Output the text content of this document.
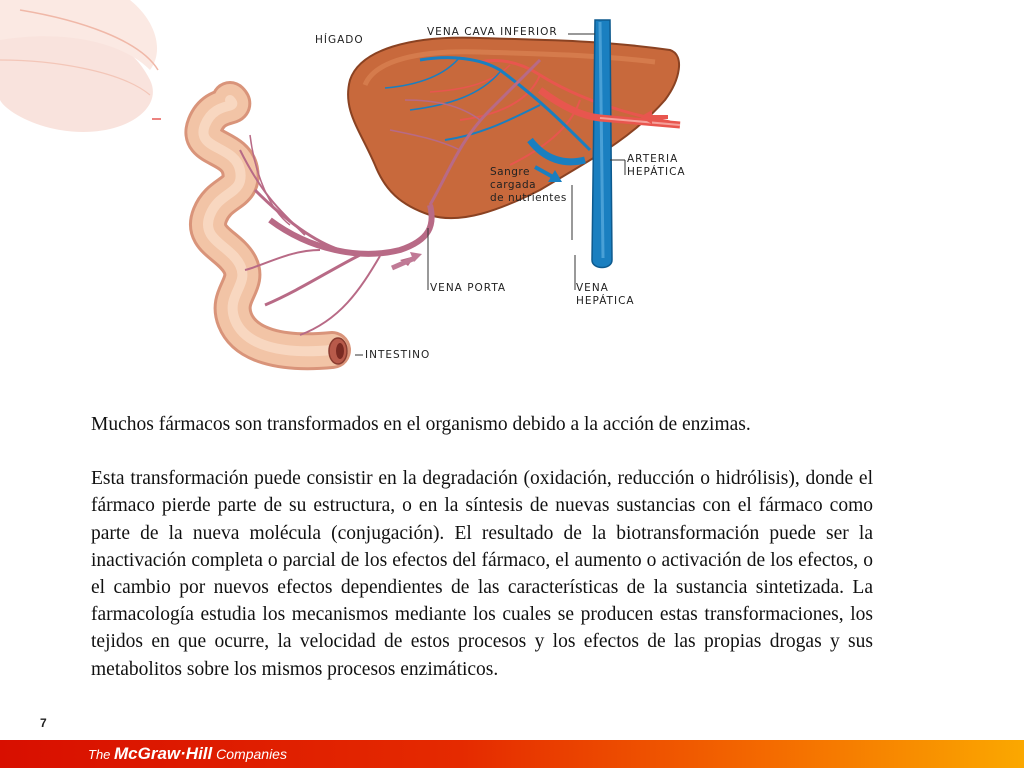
HÍGADO
VENA CAVA INFERIOR
ARTERIA
HEPÁTICA
Sangre
cargada
de nutrientes
VENA PORTA	VENA
HEPÁTICA
INTESTINO

Muchos fármacos son transformados en el organismo debido a la acción de enzimas.

Esta transformación puede consistir en la degradación (oxidación, reducción o hidrólisis), donde el fármaco pierde parte de su estructura, o en la síntesis de nuevas sustancias con el fármaco como parte de la nueva molécula (conjugación). El resultado de la biotransformación puede ser la inactivación completa o parcial de los efectos del fármaco, el aumento o activación de los efectos, o el cambio por nuevos efectos dependientes de las características de la sustancia sintetizada. La farmacología estudia los mecanismos mediante los cuales se producen estas transformaciones, los tejidos en que ocurre, la velocidad de estos procesos y los efectos de las propias drogas y sus metabolitos sobre los mismos procesos enzimáticos.

7
The McGraw·Hill Companies
